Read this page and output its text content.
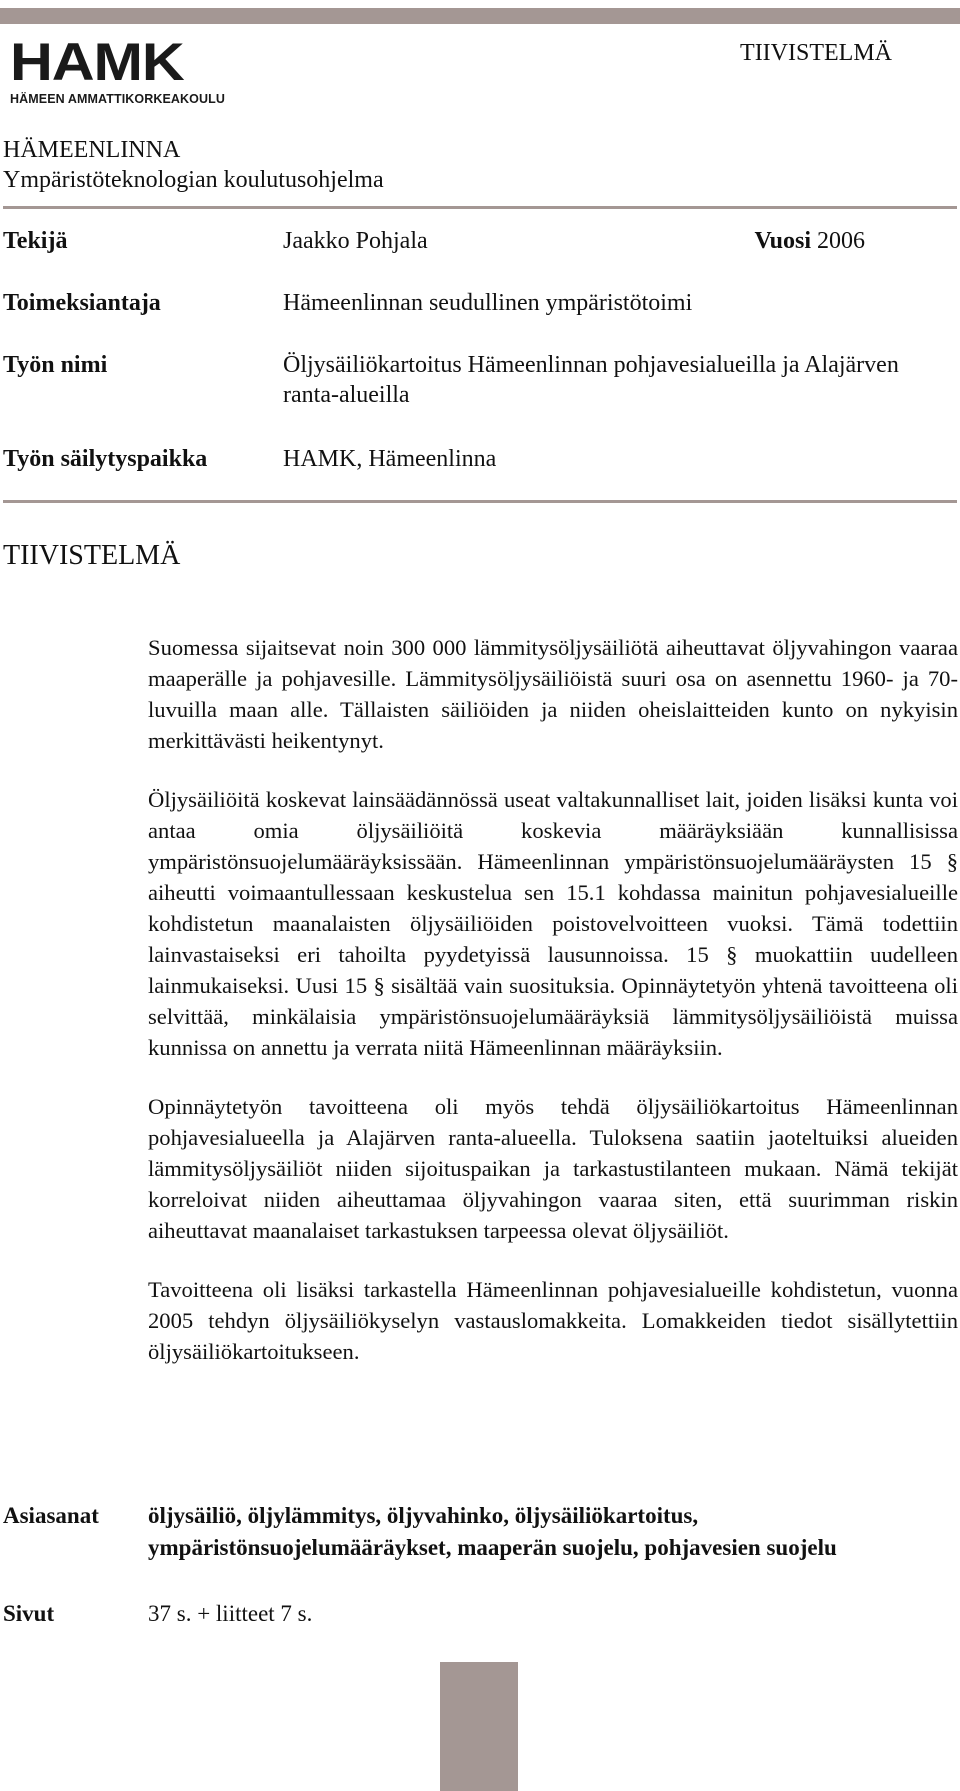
HAMK
HÄMEEN AMMATTIKORKEAKOULU
TIIVISTELMÄ
HÄMEENLINNA
Ympäristöteknologian koulutusohjelma
Tekijä	Jaakko Pohjala	Vuosi 2006
Toimeksiantaja	Hämeenlinnan seudullinen ympäristötoimi
Työn nimi	Öljysäiliökartoitus Hämeenlinnan pohjavesialueilla ja Alajärven ranta-alueilla
Työn säilytyspaikka	HAMK, Hämeenlinna
TIIVISTELMÄ

Suomessa sijaitsevat noin 300 000 lämmitysöljysäiliötä aiheuttavat öljyvahingon vaaraa maaperälle ja pohjavesille. Lämmitysöljysäiliöistä suuri osa on asennettu 1960- ja 70- luvuilla maan alle. Tällaisten säiliöiden ja niiden oheislaitteiden kunto on nykyisin merkittävästi heikentynyt.

Öljysäiliöitä koskevat lainsäädännössä useat valtakunnalliset lait, joiden lisäksi kunta voi antaa omia öljysäiliöitä koskevia määräyksiään kunnallisissa ympäristönsuojelumääräyksissään. Hämeenlinnan ympäristönsuojelumääräysten 15 § aiheutti voimaantullessaan keskustelua sen 15.1 kohdassa mainitun pohjavesialueille kohdistetun maanalaisten öljysäiliöiden poistovelvoitteen vuoksi. Tämä todettiin lainvastaiseksi eri tahoilta pyydetyissä lausunnoissa. 15 § muokattiin uudelleen lainmukaiseksi. Uusi 15 § sisältää vain suosituksia. Opinnäytetyön yhtenä tavoitteena oli selvittää, minkälaisia ympäristönsuojelumääräyksiä lämmitysöljysäiliöistä muissa kunnissa on annettu ja verrata niitä Hämeenlinnan määräyksiin.

Opinnäytetyön tavoitteena oli myös tehdä öljysäiliökartoitus Hämeenlinnan pohjavesialueella ja Alajärven ranta-alueella. Tuloksena saatiin jaoteltuiksi alueiden lämmitysöljysäiliöt niiden sijoituspaikan ja tarkastustilanteen mukaan. Nämä tekijät korreloivat niiden aiheuttamaa öljyvahingon vaaraa siten, että suurimman riskin aiheuttavat maanalaiset tarkastuksen tarpeessa olevat öljysäiliöt.

Tavoitteena oli lisäksi tarkastella Hämeenlinnan pohjavesialueille kohdistetun, vuonna 2005 tehdyn öljysäiliökyselyn vastauslomakkeita. Lomakkeiden tiedot sisällytettiin öljysäiliökartoitukseen.

Asiasanat öljysäiliö, öljylämmitys, öljyvahinko, öljysäiliökartoitus, ympäristönsuojelumääräykset, maaperän suojelu, pohjavesien suojelu
Sivut	37 s. + liitteet 7 s.
